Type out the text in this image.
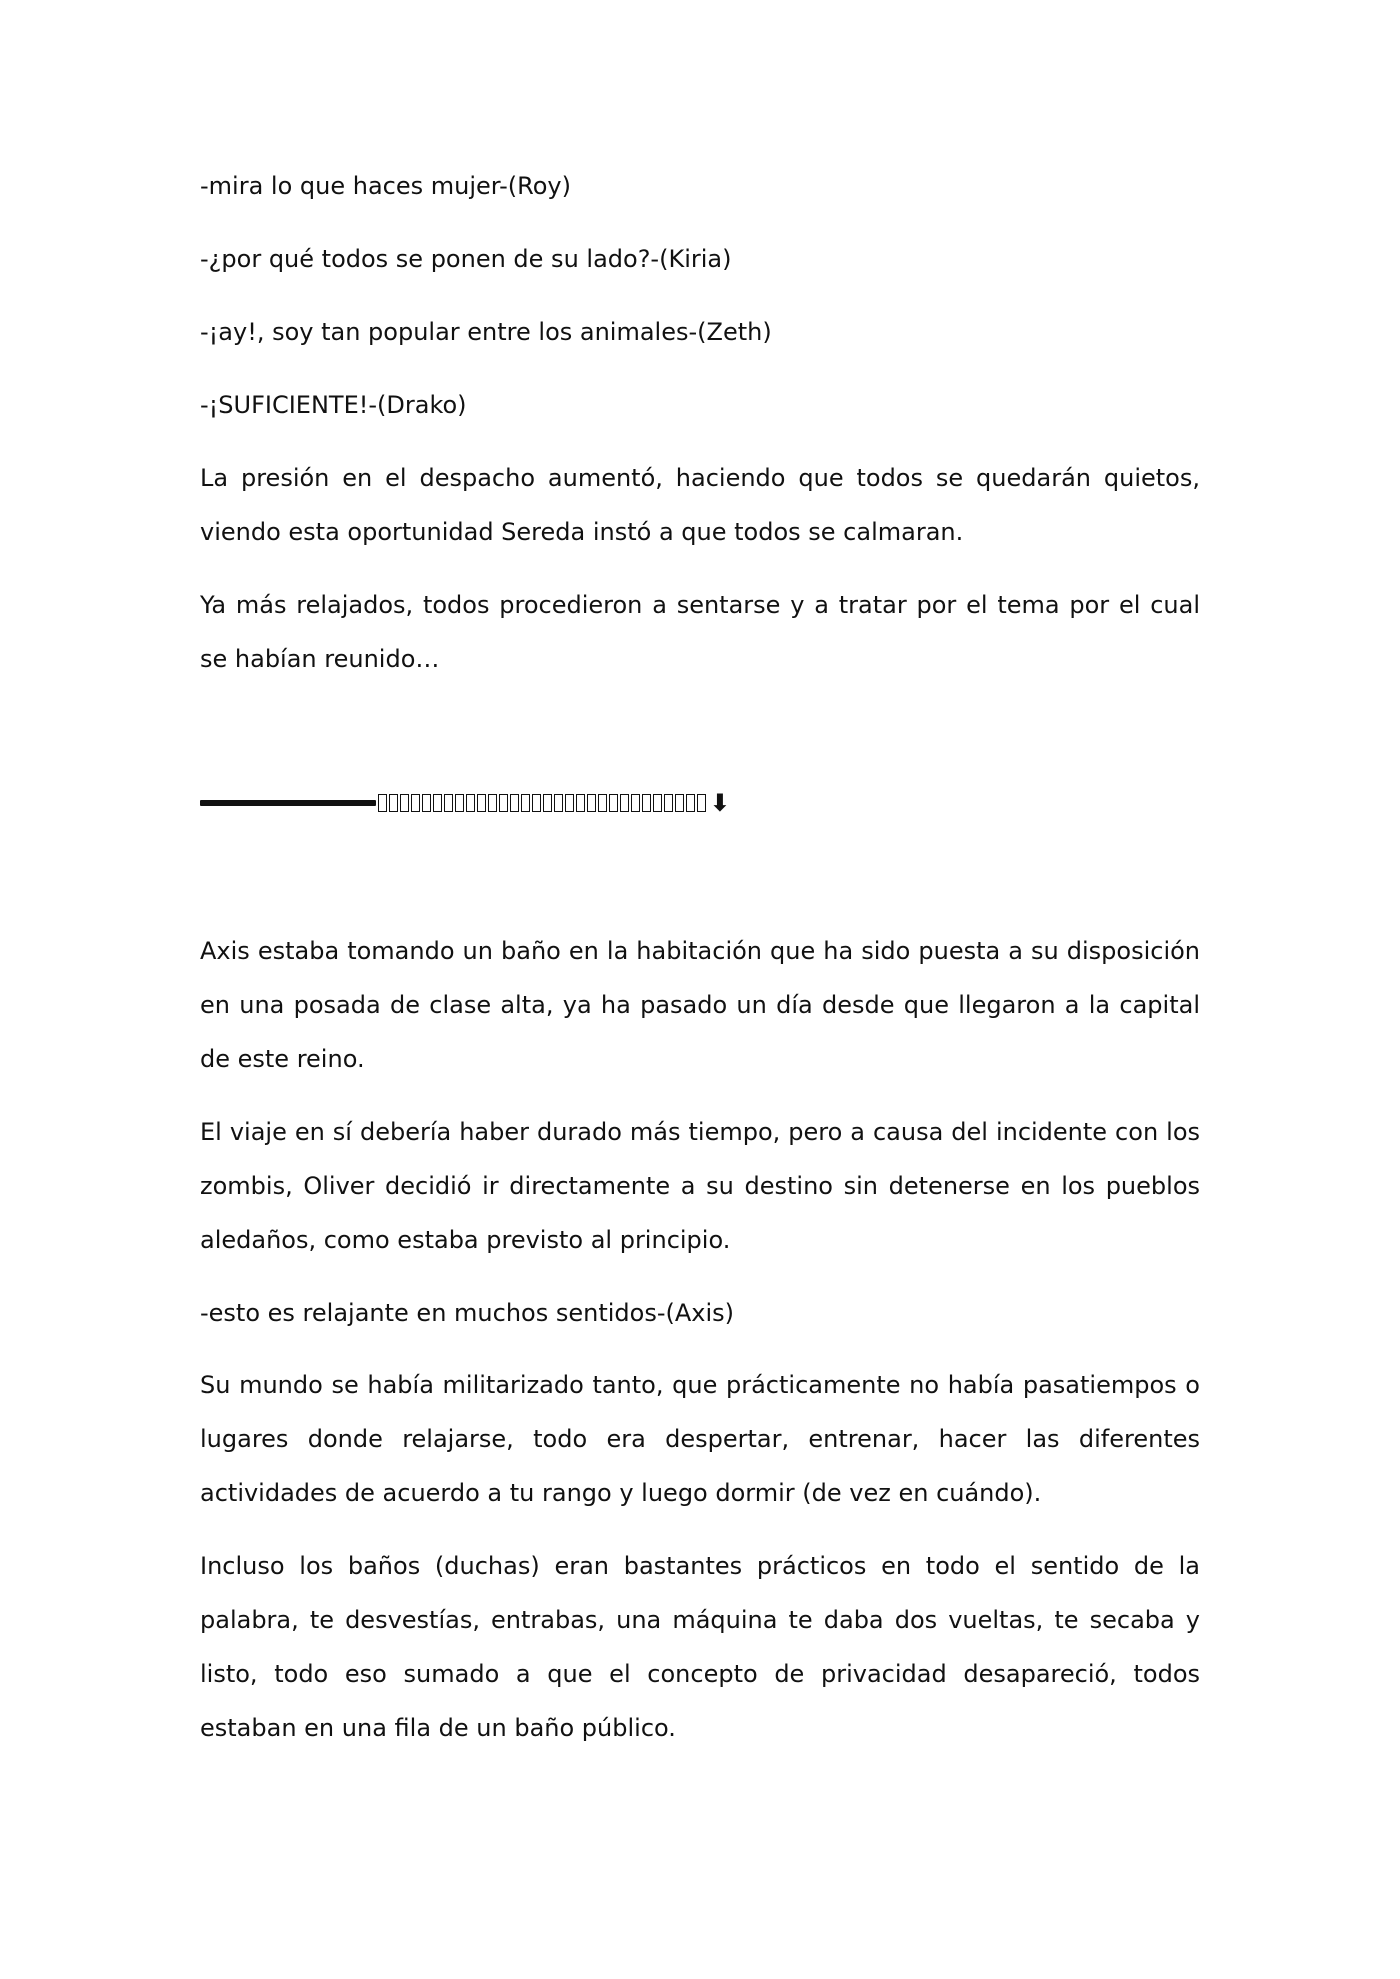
-mira lo que haces mujer-(Roy)

-¿por qué todos se ponen de su lado?-(Kiria)

-¡ay!, soy tan popular entre los animales-(Zeth)

-¡SUFICIENTE!-(Drako)

La presión en el despacho aumentó, haciendo que todos se quedarán quietos, viendo esta oportunidad Sereda instó a que todos se calmaran.

Ya más relajados, todos procedieron a sentarse y a tratar por el tema por el cual se habían reunido…

⬇

Axis estaba tomando un baño en la habitación que ha sido puesta a su disposición en una posada de clase alta, ya ha pasado un día desde que llegaron a la capital de este reino.

El viaje en sí debería haber durado más tiempo, pero a causa del incidente con los zombis, Oliver decidió ir directamente a su destino sin detenerse en los pueblos aledaños, como estaba previsto al principio.

-esto es relajante en muchos sentidos-(Axis)

Su mundo se había militarizado tanto, que prácticamente no había pasatiempos o lugares donde relajarse, todo era despertar, entrenar, hacer las diferentes actividades de acuerdo a tu rango y luego dormir (de vez en cuándo).

Incluso los baños (duchas) eran bastantes prácticos en todo el sentido de la palabra, te desvestías, entrabas, una máquina te daba dos vueltas, te secaba y listo, todo eso sumado a que el concepto de privacidad desapareció, todos estaban en una fila de un baño público.
